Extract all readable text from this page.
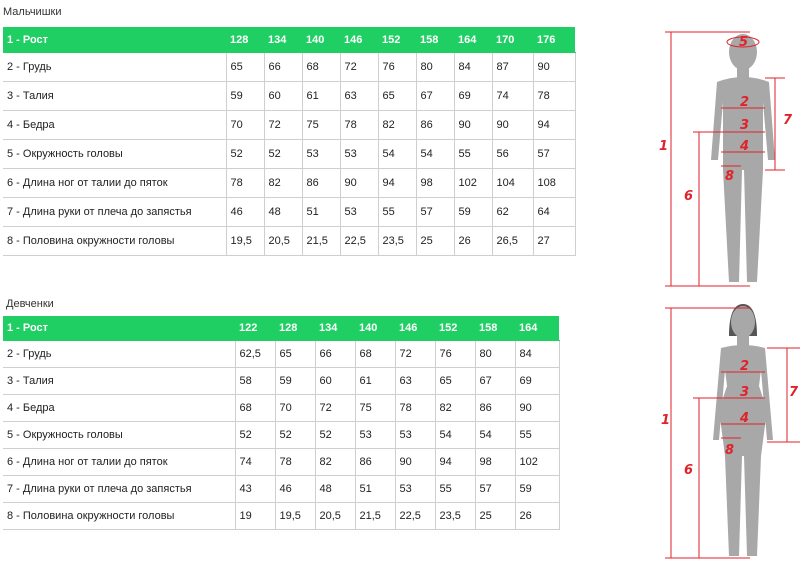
Мальчишки
1 - Рост	128	134	140	146	152	158	164	170	176
2 - Грудь	65	66	68	72	76	80	84	87	90
3 - Талия	59	60	61	63	65	67	69	74	78
4 - Бедра	70	72	75	78	82	86	90	90	94
5 - Окружность головы	52	52	53	53	54	54	55	56	57
6 - Длина ног от талии до пяток	78	82	86	90	94	98	102	104	108
7 - Длина руки от плеча до запястья	46	48	51	53	55	57	59	62	64
8 - Половина окружности головы	19,5	20,5	21,5	22,5	23,5	25	26	26,5	27
Девченки
1 - Рост	122	128	134	140	146	152	158	164
2 - Грудь	62,5	65	66	68	72	76	80	84
3 - Талия	58	59	60	61	63	65	67	69
4 - Бедра	68	70	72	75	78	82	86	90
5 - Окружность головы	52	52	52	53	53	54	54	55
6 - Длина ног от талии до пяток	74	78	82	86	90	94	98	102
7 - Длина руки от плеча до запястья	43	46	48	51	53	55	57	59
8 - Половина окружности головы	19	19,5	20,5	21,5	22,5	23,5	25	26
1
2
3
4
5
6
7
8
1
2
3
4
6
7
8
